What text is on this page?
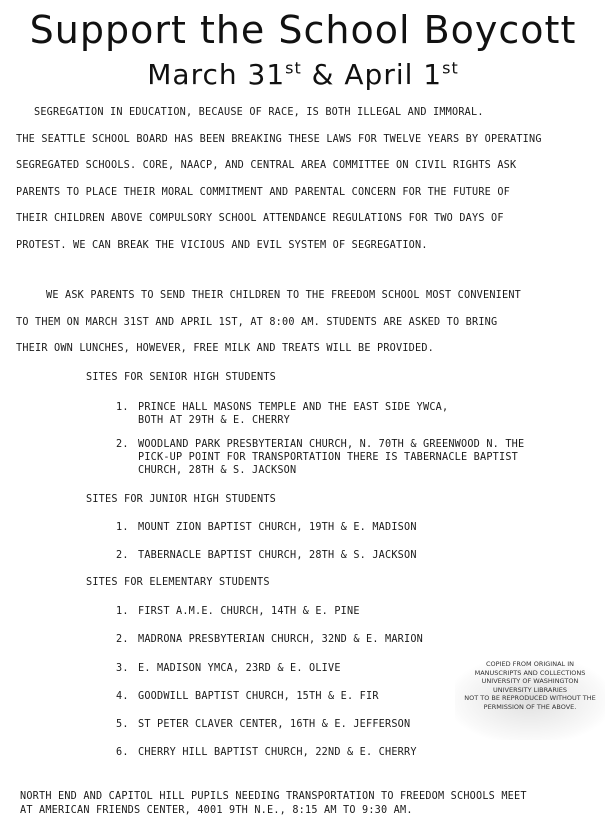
Support the School Boycott
March 31st & April 1st
SEGREGATION IN EDUCATION, BECAUSE OF RACE, IS BOTH ILLEGAL AND IMMORAL.
THE SEATTLE SCHOOL BOARD HAS BEEN BREAKING THESE LAWS FOR TWELVE YEARS BY OPERATING
SEGREGATED SCHOOLS. CORE, NAACP, AND CENTRAL AREA COMMITTEE ON CIVIL RIGHTS ASK
PARENTS TO PLACE THEIR MORAL COMMITMENT AND PARENTAL CONCERN FOR THE FUTURE OF
THEIR CHILDREN ABOVE COMPULSORY SCHOOL ATTENDANCE REGULATIONS FOR TWO DAYS OF
PROTEST. WE CAN BREAK THE VICIOUS AND EVIL SYSTEM OF SEGREGATION.
WE ASK PARENTS TO SEND THEIR CHILDREN TO THE FREEDOM SCHOOL MOST CONVENIENT
TO THEM ON MARCH 31ST AND APRIL 1ST, AT 8:00 AM. STUDENTS ARE ASKED TO BRING
THEIR OWN LUNCHES, HOWEVER, FREE MILK AND TREATS WILL BE PROVIDED.
SITES FOR SENIOR HIGH STUDENTS
1. PRINCE HALL MASONS TEMPLE AND THE EAST SIDE YWCA,
BOTH AT 29TH & E. CHERRY
2. WOODLAND PARK PRESBYTERIAN CHURCH, N. 70TH & GREENWOOD N. THE
PICK-UP POINT FOR TRANSPORTATION THERE IS TABERNACLE BAPTIST
CHURCH, 28TH & S. JACKSON
SITES FOR JUNIOR HIGH STUDENTS
1. MOUNT ZION BAPTIST CHURCH, 19TH & E. MADISON
2. TABERNACLE BAPTIST CHURCH, 28TH & S. JACKSON
SITES FOR ELEMENTARY STUDENTS
1. FIRST A.M.E. CHURCH, 14TH & E. PINE
2. MADRONA PRESBYTERIAN CHURCH, 32ND & E. MARION
3. E. MADISON YMCA, 23RD & E. OLIVE
4. GOODWILL BAPTIST CHURCH, 15TH & E. FIR
5. ST PETER CLAVER CENTER, 16TH & E. JEFFERSON
6. CHERRY HILL BAPTIST CHURCH, 22ND & E. CHERRY
COPIED FROM ORIGINAL IN
MANUSCRIPTS AND COLLECTIONS
UNIVERSITY OF WASHINGTON
UNIVERSITY LIBRARIES
NOT TO BE REPRODUCED WITHOUT THE
PERMISSION OF THE ABOVE.
NORTH END AND CAPITOL HILL PUPILS NEEDING TRANSPORTATION TO FREEDOM SCHOOLS MEET
AT AMERICAN FRIENDS CENTER, 4001 9TH N.E., 8:15 AM TO 9:30 AM.
